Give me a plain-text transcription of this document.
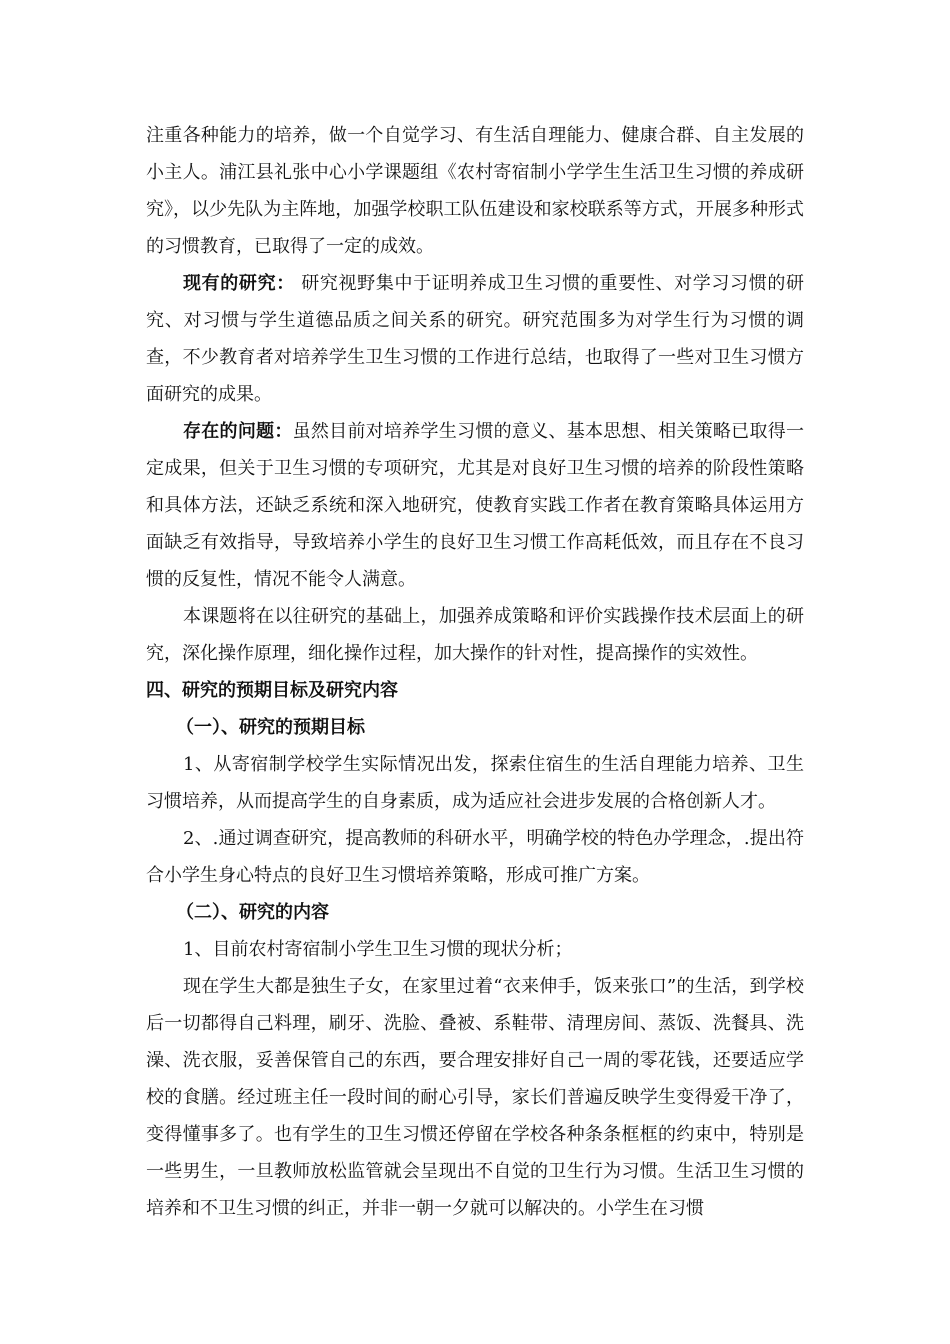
注重各种能力的培养，做一个自觉学习、有生活自理能力、健康合群、自主发展的小主人。浦江县礼张中心小学课题组《农村寄宿制小学学生生活卫生习惯的养成研究》，以少先队为主阵地，加强学校职工队伍建设和家校联系等方式，开展多种形式的习惯教育，已取得了一定的成效。

现有的研究： 研究视野集中于证明养成卫生习惯的重要性、对学习习惯的研究、对习惯与学生道德品质之间关系的研究。研究范围多为对学生行为习惯的调查，不少教育者对培养学生卫生习惯的工作进行总结，也取得了一些对卫生习惯方面研究的成果。

存在的问题：虽然目前对培养学生习惯的意义、基本思想、相关策略已取得一定成果，但关于卫生习惯的专项研究，尤其是对良好卫生习惯的培养的阶段性策略和具体方法，还缺乏系统和深入地研究，使教育实践工作者在教育策略具体运用方面缺乏有效指导，导致培养小学生的良好卫生习惯工作高耗低效，而且存在不良习惯的反复性，情况不能令人满意。

本课题将在以往研究的基础上，加强养成策略和评价实践操作技术层面上的研究，深化操作原理，细化操作过程，加大操作的针对性，提高操作的实效性。

四、研究的预期目标及研究内容

（一）、研究的预期目标

1、从寄宿制学校学生实际情况出发，探索住宿生的生活自理能力培养、卫生习惯培养，从而提高学生的自身素质，成为适应社会进步发展的合格创新人才。

2、.通过调查研究，提高教师的科研水平，明确学校的特色办学理念，.提出符合小学生身心特点的良好卫生习惯培养策略，形成可推广方案。

（二）、研究的内容

1、目前农村寄宿制小学生卫生习惯的现状分析；

现在学生大都是独生子女，在家里过着“衣来伸手，饭来张口”的生活，到学校后一切都得自己料理，刷牙、洗脸、叠被、系鞋带、清理房间、蒸饭、洗餐具、洗澡、洗衣服，妥善保管自己的东西，要合理安排好自己一周的零花钱，还要适应学校的食膳。经过班主任一段时间的耐心引导，家长们普遍反映学生变得爱干净了，变得懂事多了。也有学生的卫生习惯还停留在学校各种条条框框的约束中，特别是一些男生，一旦教师放松监管就会呈现出不自觉的卫生行为习惯。生活卫生习惯的培养和不卫生习惯的纠正，并非一朝一夕就可以解决的。小学生在习惯
